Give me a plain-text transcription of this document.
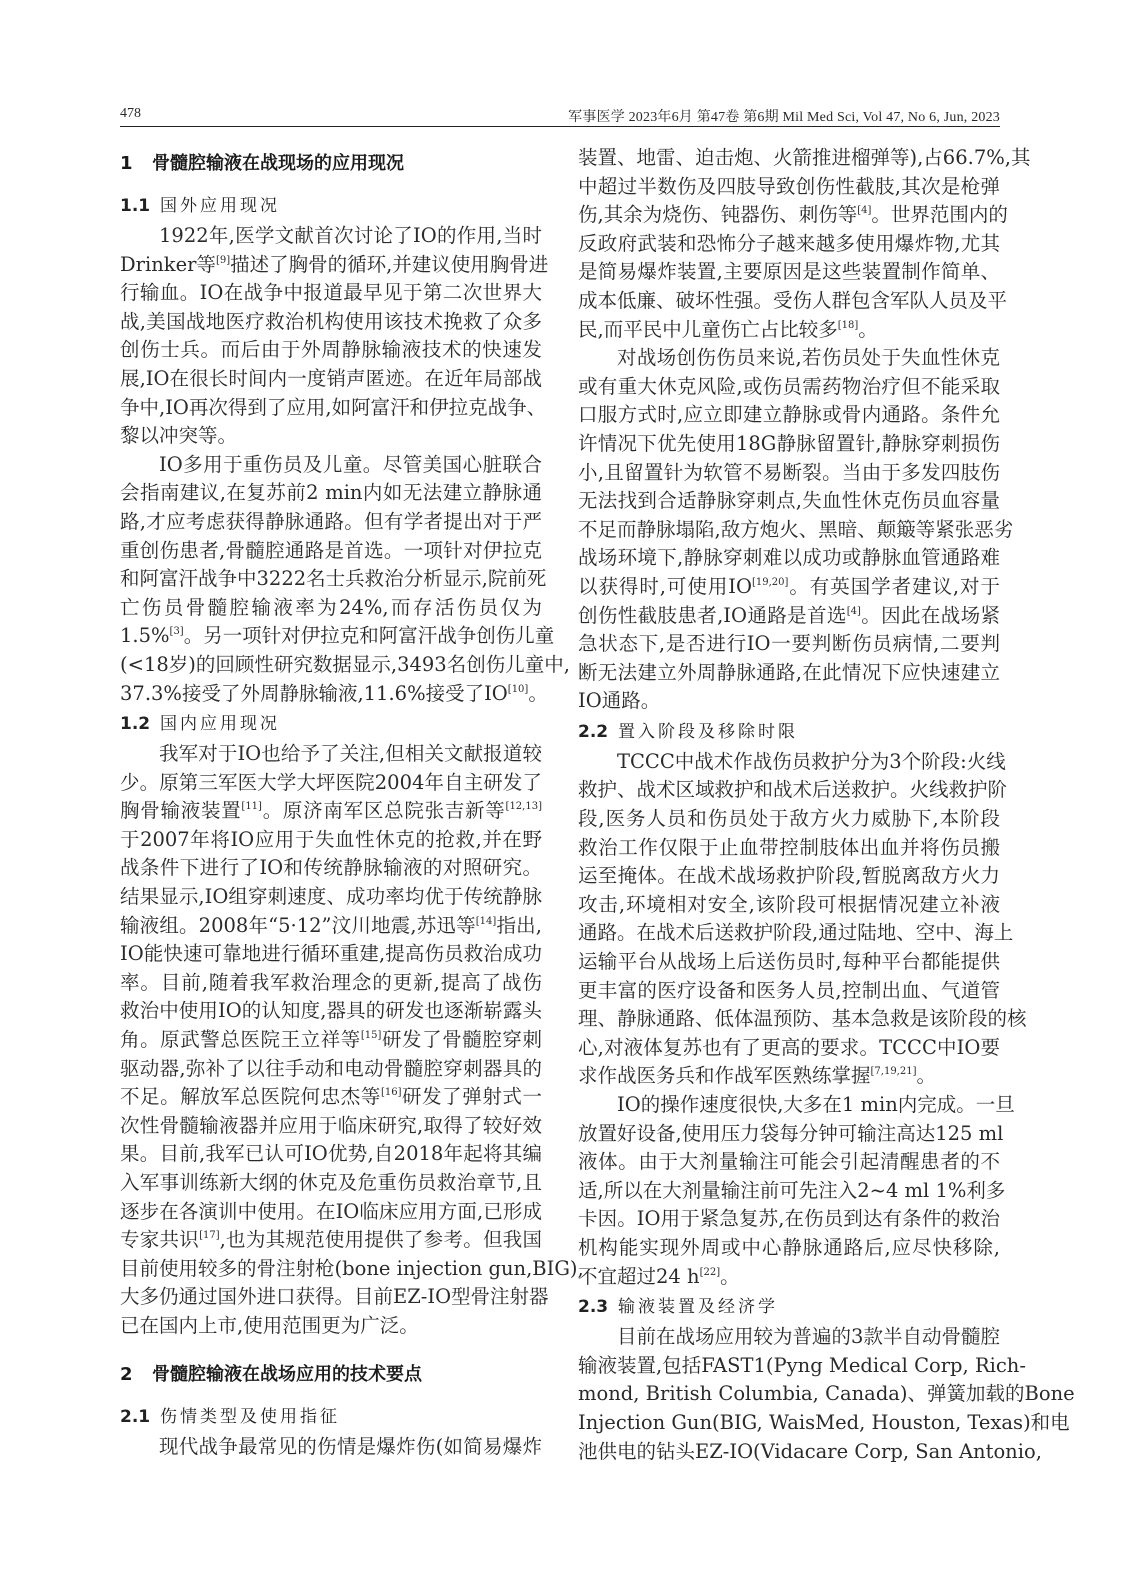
478	军事医学 2023年6月 第47卷 第6期 Mil Med Sci, Vol 47, No 6, Jun, 2023
1 骨髓腔输液在战现场的应用现况
1.1 国外应用现况
1922年,医学文献首次讨论了IO的作用,当时
Drinker等[9]描述了胸骨的循环,并建议使用胸骨进
行输血。IO在战争中报道最早见于第二次世界大
战,美国战地医疗救治机构使用该技术挽救了众多
创伤士兵。而后由于外周静脉输液技术的快速发
展,IO在很长时间内一度销声匿迹。在近年局部战
争中,IO再次得到了应用,如阿富汗和伊拉克战争、
黎以冲突等。
IO多用于重伤员及儿童。尽管美国心脏联合
会指南建议,在复苏前2 min内如无法建立静脉通
路,才应考虑获得静脉通路。但有学者提出对于严
重创伤患者,骨髓腔通路是首选。一项针对伊拉克
和阿富汗战争中3222名士兵救治分析显示,院前死
亡伤员骨髓腔输液率为24%,而存活伤员仅为
1.5%[3]。另一项针对伊拉克和阿富汗战争创伤儿童
(<18岁)的回顾性研究数据显示,3493名创伤儿童中,
37.3%接受了外周静脉输液,11.6%接受了IO[10]。
1.2 国内应用现况
我军对于IO也给予了关注,但相关文献报道较
少。原第三军医大学大坪医院2004年自主研发了
胸骨输液装置[11]。原济南军区总院张吉新等[12,13]
于2007年将IO应用于失血性休克的抢救,并在野
战条件下进行了IO和传统静脉输液的对照研究。
结果显示,IO组穿刺速度、成功率均优于传统静脉
输液组。2008年“5·12”汶川地震,苏迅等[14]指出,
IO能快速可靠地进行循环重建,提高伤员救治成功
率。目前,随着我军救治理念的更新,提高了战伤
救治中使用IO的认知度,器具的研发也逐渐崭露头
角。原武警总医院王立祥等[15]研发了骨髓腔穿刺
驱动器,弥补了以往手动和电动骨髓腔穿刺器具的
不足。解放军总医院何忠杰等[16]研发了弹射式一
次性骨髓输液器并应用于临床研究,取得了较好效
果。目前,我军已认可IO优势,自2018年起将其编
入军事训练新大纲的休克及危重伤员救治章节,且
逐步在各演训中使用。在IO临床应用方面,已形成
专家共识[17],也为其规范使用提供了参考。但我国
目前使用较多的骨注射枪(bone injection gun,BIG),
大多仍通过国外进口获得。目前EZ-IO型骨注射器
已在国内上市,使用范围更为广泛。
2 骨髓腔输液在战场应用的技术要点
2.1 伤情类型及使用指征
现代战争最常见的伤情是爆炸伤(如简易爆炸
装置、地雷、迫击炮、火箭推进榴弹等),占66.7%,其
中超过半数伤及四肢导致创伤性截肢,其次是枪弹
伤,其余为烧伤、钝器伤、刺伤等[4]。世界范围内的
反政府武装和恐怖分子越来越多使用爆炸物,尤其
是简易爆炸装置,主要原因是这些装置制作简单、
成本低廉、破坏性强。受伤人群包含军队人员及平
民,而平民中儿童伤亡占比较多[18]。
对战场创伤伤员来说,若伤员处于失血性休克
或有重大休克风险,或伤员需药物治疗但不能采取
口服方式时,应立即建立静脉或骨内通路。条件允
许情况下优先使用18G静脉留置针,静脉穿刺损伤
小,且留置针为软管不易断裂。当由于多发四肢伤
无法找到合适静脉穿刺点,失血性休克伤员血容量
不足而静脉塌陷,敌方炮火、黑暗、颠簸等紧张恶劣
战场环境下,静脉穿刺难以成功或静脉血管通路难
以获得时,可使用IO[19,20]。有英国学者建议,对于
创伤性截肢患者,IO通路是首选[4]。因此在战场紧
急状态下,是否进行IO一要判断伤员病情,二要判
断无法建立外周静脉通路,在此情况下应快速建立
IO通路。
2.2 置入阶段及移除时限
TCCC中战术作战伤员救护分为3个阶段:火线
救护、战术区域救护和战术后送救护。火线救护阶
段,医务人员和伤员处于敌方火力威胁下,本阶段
救治工作仅限于止血带控制肢体出血并将伤员搬
运至掩体。在战术战场救护阶段,暂脱离敌方火力
攻击,环境相对安全,该阶段可根据情况建立补液
通路。在战术后送救护阶段,通过陆地、空中、海上
运输平台从战场上后送伤员时,每种平台都能提供
更丰富的医疗设备和医务人员,控制出血、气道管
理、静脉通路、低体温预防、基本急救是该阶段的核
心,对液体复苏也有了更高的要求。TCCC中IO要
求作战医务兵和作战军医熟练掌握[7,19,21]。
IO的操作速度很快,大多在1 min内完成。一旦
放置好设备,使用压力袋每分钟可输注高达125 ml
液体。由于大剂量输注可能会引起清醒患者的不
适,所以在大剂量输注前可先注入2~4 ml 1%利多
卡因。IO用于紧急复苏,在伤员到达有条件的救治
机构能实现外周或中心静脉通路后,应尽快移除,
不宜超过24 h[22]。
2.3 输液装置及经济学
目前在战场应用较为普遍的3款半自动骨髓腔
输液装置,包括FAST1(Pyng Medical Corp, Rich-
mond, British Columbia, Canada)、弹簧加载的Bone
Injection Gun(BIG, WaisMed, Houston, Texas)和电
池供电的钻头EZ-IO(Vidacare Corp, San Antonio,
